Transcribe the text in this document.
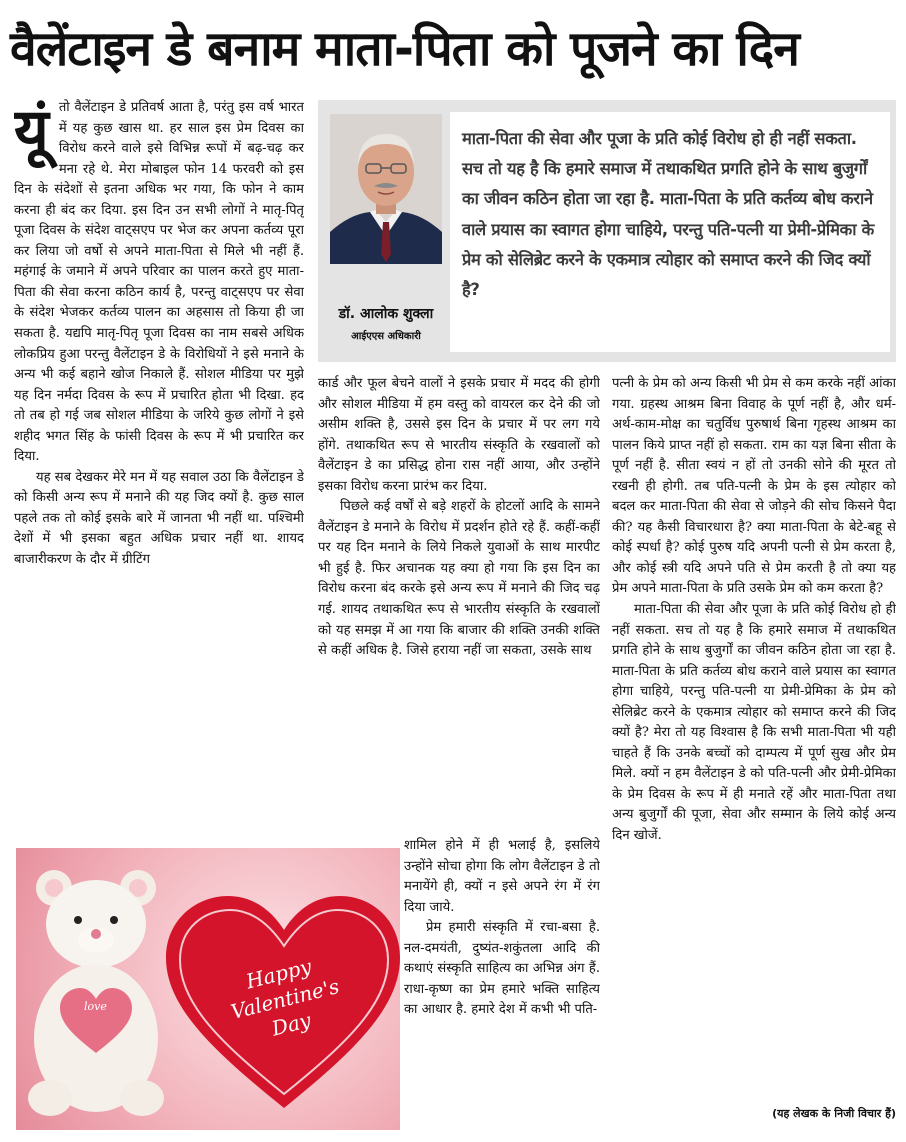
वैलेंटाइन डे बनाम माता-पिता को पूजने का दिन
यूं तो वैलेंटाइन डे प्रतिवर्ष आता है, परंतु इस वर्ष भारत में यह कुछ खास था. हर साल इस प्रेम दिवस का विरोध करने वाले इसे विभिन्न रूपों में बढ़-चढ़ कर मना रहे थे. मेरा मोबाइल फोन 14 फरवरी को इस दिन के संदेशों से इतना अधिक भर गया, कि फोन ने काम करना ही बंद कर दिया. इस दिन उन सभी लोगों ने मातृ-पितृ पूजा दिवस के संदेश वाट्सएप पर भेज कर अपना कर्तव्य पूरा कर लिया जो वर्षो से अपने माता-पिता से मिले भी नहीं हैं. महंगाई के जमाने में अपने परिवार का पालन करते हुए माता-पिता की सेवा करना कठिन कार्य है, परन्तु वाट्सएप पर सेवा के संदेश भेजकर कर्तव्य पालन का अहसास तो किया ही जा सकता है. यद्यपि मातृ-पितृ पूजा दिवस का नाम सबसे अधिक लोकप्रिय हुआ परन्तु वैलेंटाइन डे के विरोधियों ने इसे मनाने के अन्य भी कई बहाने खोज निकाले हैं. सोशल मीडिया पर मुझे यह दिन नर्मदा दिवस के रूप में प्रचारित होता भी दिखा. हद तो तब हो गई जब सोशल मीडिया के जरिये कुछ लोगों ने इसे शहीद भगत सिंह के फांसी दिवस के रूप में भी प्रचारित कर दिया.

यह सब देखकर मेरे मन में यह सवाल उठा कि वैलेंटाइन डे को किसी अन्य रूप में मनाने की यह जिद क्यों है. कुछ साल पहले तक तो कोई इसके बारे में जानता भी नहीं था. पश्चिमी देशों में भी इसका बहुत अधिक प्रचार नहीं था. शायद बाजारीकरण के दौर में ग्रीटिंग

डॉ. आलोक शुक्ला
आईएएस अधिकारी
माता-पिता की सेवा और पूजा के प्रति कोई विरोध हो ही नहीं सकता. सच तो यह है कि हमारे समाज में तथाकथित प्रगति होने के साथ बुजुर्गों का जीवन कठिन होता जा रहा है. माता-पिता के प्रति कर्तव्य बोध कराने वाले प्रयास का स्वागत होगा चाहिये, परन्तु पति-पत्नी या प्रेमी-प्रेमिका के प्रेम को सेलिब्रेट करने के एकमात्र त्योहार को समाप्त करने की जिद क्यों है?

कार्ड और फूल बेचने वालों ने इसके प्रचार में मदद की होगी और सोशल मीडिया में हम वस्तु को वायरल कर देने की जो असीम शक्ति है, उससे इस दिन के प्रचार में पर लग गये होंगे. तथाकथित रूप से भारतीय संस्कृति के रखवालों को वैलेंटाइन डे का प्रसिद्ध होना रास नहीं आया, और उन्होंने इसका विरोध करना प्रारंभ कर दिया.

पिछले कई वर्षों से बड़े शहरों के होटलों आदि के सामने वैलेंटाइन डे मनाने के विरोध में प्रदर्शन होते रहे हैं. कहीं-कहीं पर यह दिन मनाने के लिये निकले युवाओं के साथ मारपीट भी हुई है. फिर अचानक यह क्या हो गया कि इस दिन का विरोध करना बंद करके इसे अन्य रूप में मनाने की जिद चढ़ गई. शायद तथाकथित रूप से भारतीय संस्कृति के रखवालों को यह समझ में आ गया कि बाजार की शक्ति उनकी शक्ति से कहीं अधिक है. जिसे हराया नहीं जा सकता, उसके साथ

शामिल होने में ही भलाई है, इसलिये उन्होंने सोचा होगा कि लोग वैलेंटाइन डे तो मनायेंगे ही, क्यों न इसे अपने रंग में रंग दिया जाये.

प्रेम हमारी संस्कृति में रचा-बसा है. नल-दमयंती, दुष्यंत-शकुंतला आदि की कथाएं संस्कृति साहित्य का अभिन्न अंग हैं. राधा-कृष्ण का प्रेम हमारे भक्ति साहित्य का आधार है. हमारे देश में कभी भी पति-

पत्नी के प्रेम को अन्य किसी भी प्रेम से कम करके नहीं आंका गया. ग्रहस्थ आश्रम बिना विवाह के पूर्ण नहीं है, और धर्म-अर्थ-काम-मोक्ष का चतुर्विध पुरुषार्थ बिना गृहस्थ आश्रम का पालन किये प्राप्त नहीं हो सकता. राम का यज्ञ बिना सीता के पूर्ण नहीं है. सीता स्वयं न हों तो उनकी सोने की मूरत तो रखनी ही होगी. तब पति-पत्नी के प्रेम के इस त्योहार को बदल कर माता-पिता की सेवा से जोड़ने की सोच किसने पैदा की? यह कैसी विचारधारा है? क्या माता-पिता के बेटे-बहू से कोई स्पर्धा है? कोई पुरुष यदि अपनी पत्नी से प्रेम करता है, और कोई स्त्री यदि अपने पति से प्रेम करती है तो क्या यह प्रेम अपने माता-पिता के प्रति उसके प्रेम को कम करता है?

माता-पिता की सेवा और पूजा के प्रति कोई विरोध हो ही नहीं सकता. सच तो यह है कि हमारे समाज में तथाकथित प्रगति होने के साथ बुजुर्गों का जीवन कठिन होता जा रहा है. माता-पिता के प्रति कर्तव्य बोध कराने वाले प्रयास का स्वागत होगा चाहिये, परन्तु पति-पत्नी या प्रेमी-प्रेमिका के प्रेम को सेलिब्रेट करने के एकमात्र त्योहार को समाप्त करने की जिद क्यों है? मेरा तो यह विश्वास है कि सभी माता-पिता भी यही चाहते हैं कि उनके बच्चों को दाम्पत्य में पूर्ण सुख और प्रेम मिले. क्यों न हम वैलेंटाइन डे को पति-पत्नी और प्रेमी-प्रेमिका के प्रेम दिवस के रूप में ही मनाते रहें और माता-पिता तथा अन्य बुजुर्गों की पूजा, सेवा और सम्मान के लिये कोई अन्य दिन खोजें.

(यह लेखक के निजी विचार हैं)
love
Happy Valentine's Day
